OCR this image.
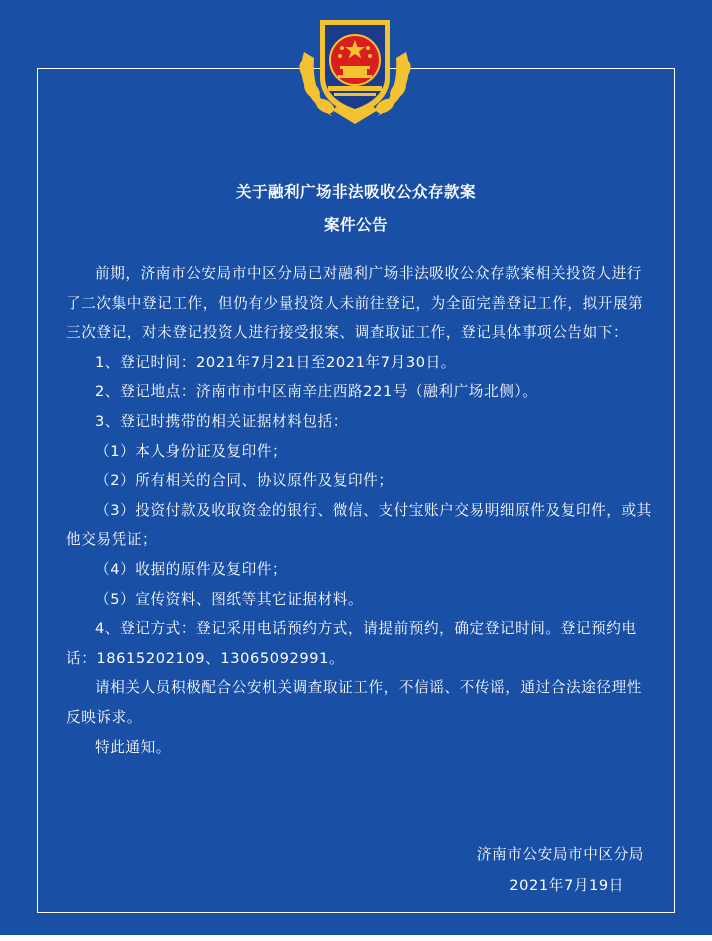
关于融利广场非法吸收公众存款案
案件公告

前期，济南市公安局市中区分局已对融利广场非法吸收公众存款案相关投资人进行了二次集中登记工作，但仍有少量投资人未前往登记，为全面完善登记工作，拟开展第三次登记，对未登记投资人进行接受报案、调查取证工作，登记具体事项公告如下：

1、登记时间：2021年7月21日至2021年7月30日。

2、登记地点：济南市市中区南辛庄西路221号（融利广场北侧）。

3、登记时携带的相关证据材料包括：

（1）本人身份证及复印件；

（2）所有相关的合同、协议原件及复印件；

（3）投资付款及收取资金的银行、微信、支付宝账户交易明细原件及复印件，或其他交易凭证；

（4）收据的原件及复印件；

（5）宣传资料、图纸等其它证据材料。

4、登记方式：登记采用电话预约方式，请提前预约，确定登记时间。登记预约电话：18615202109、13065092991。

请相关人员积极配合公安机关调查取证工作，不信谣、不传谣，通过合法途径理性反映诉求。

特此通知。

济南市公安局市中区分局
2021年7月19日
